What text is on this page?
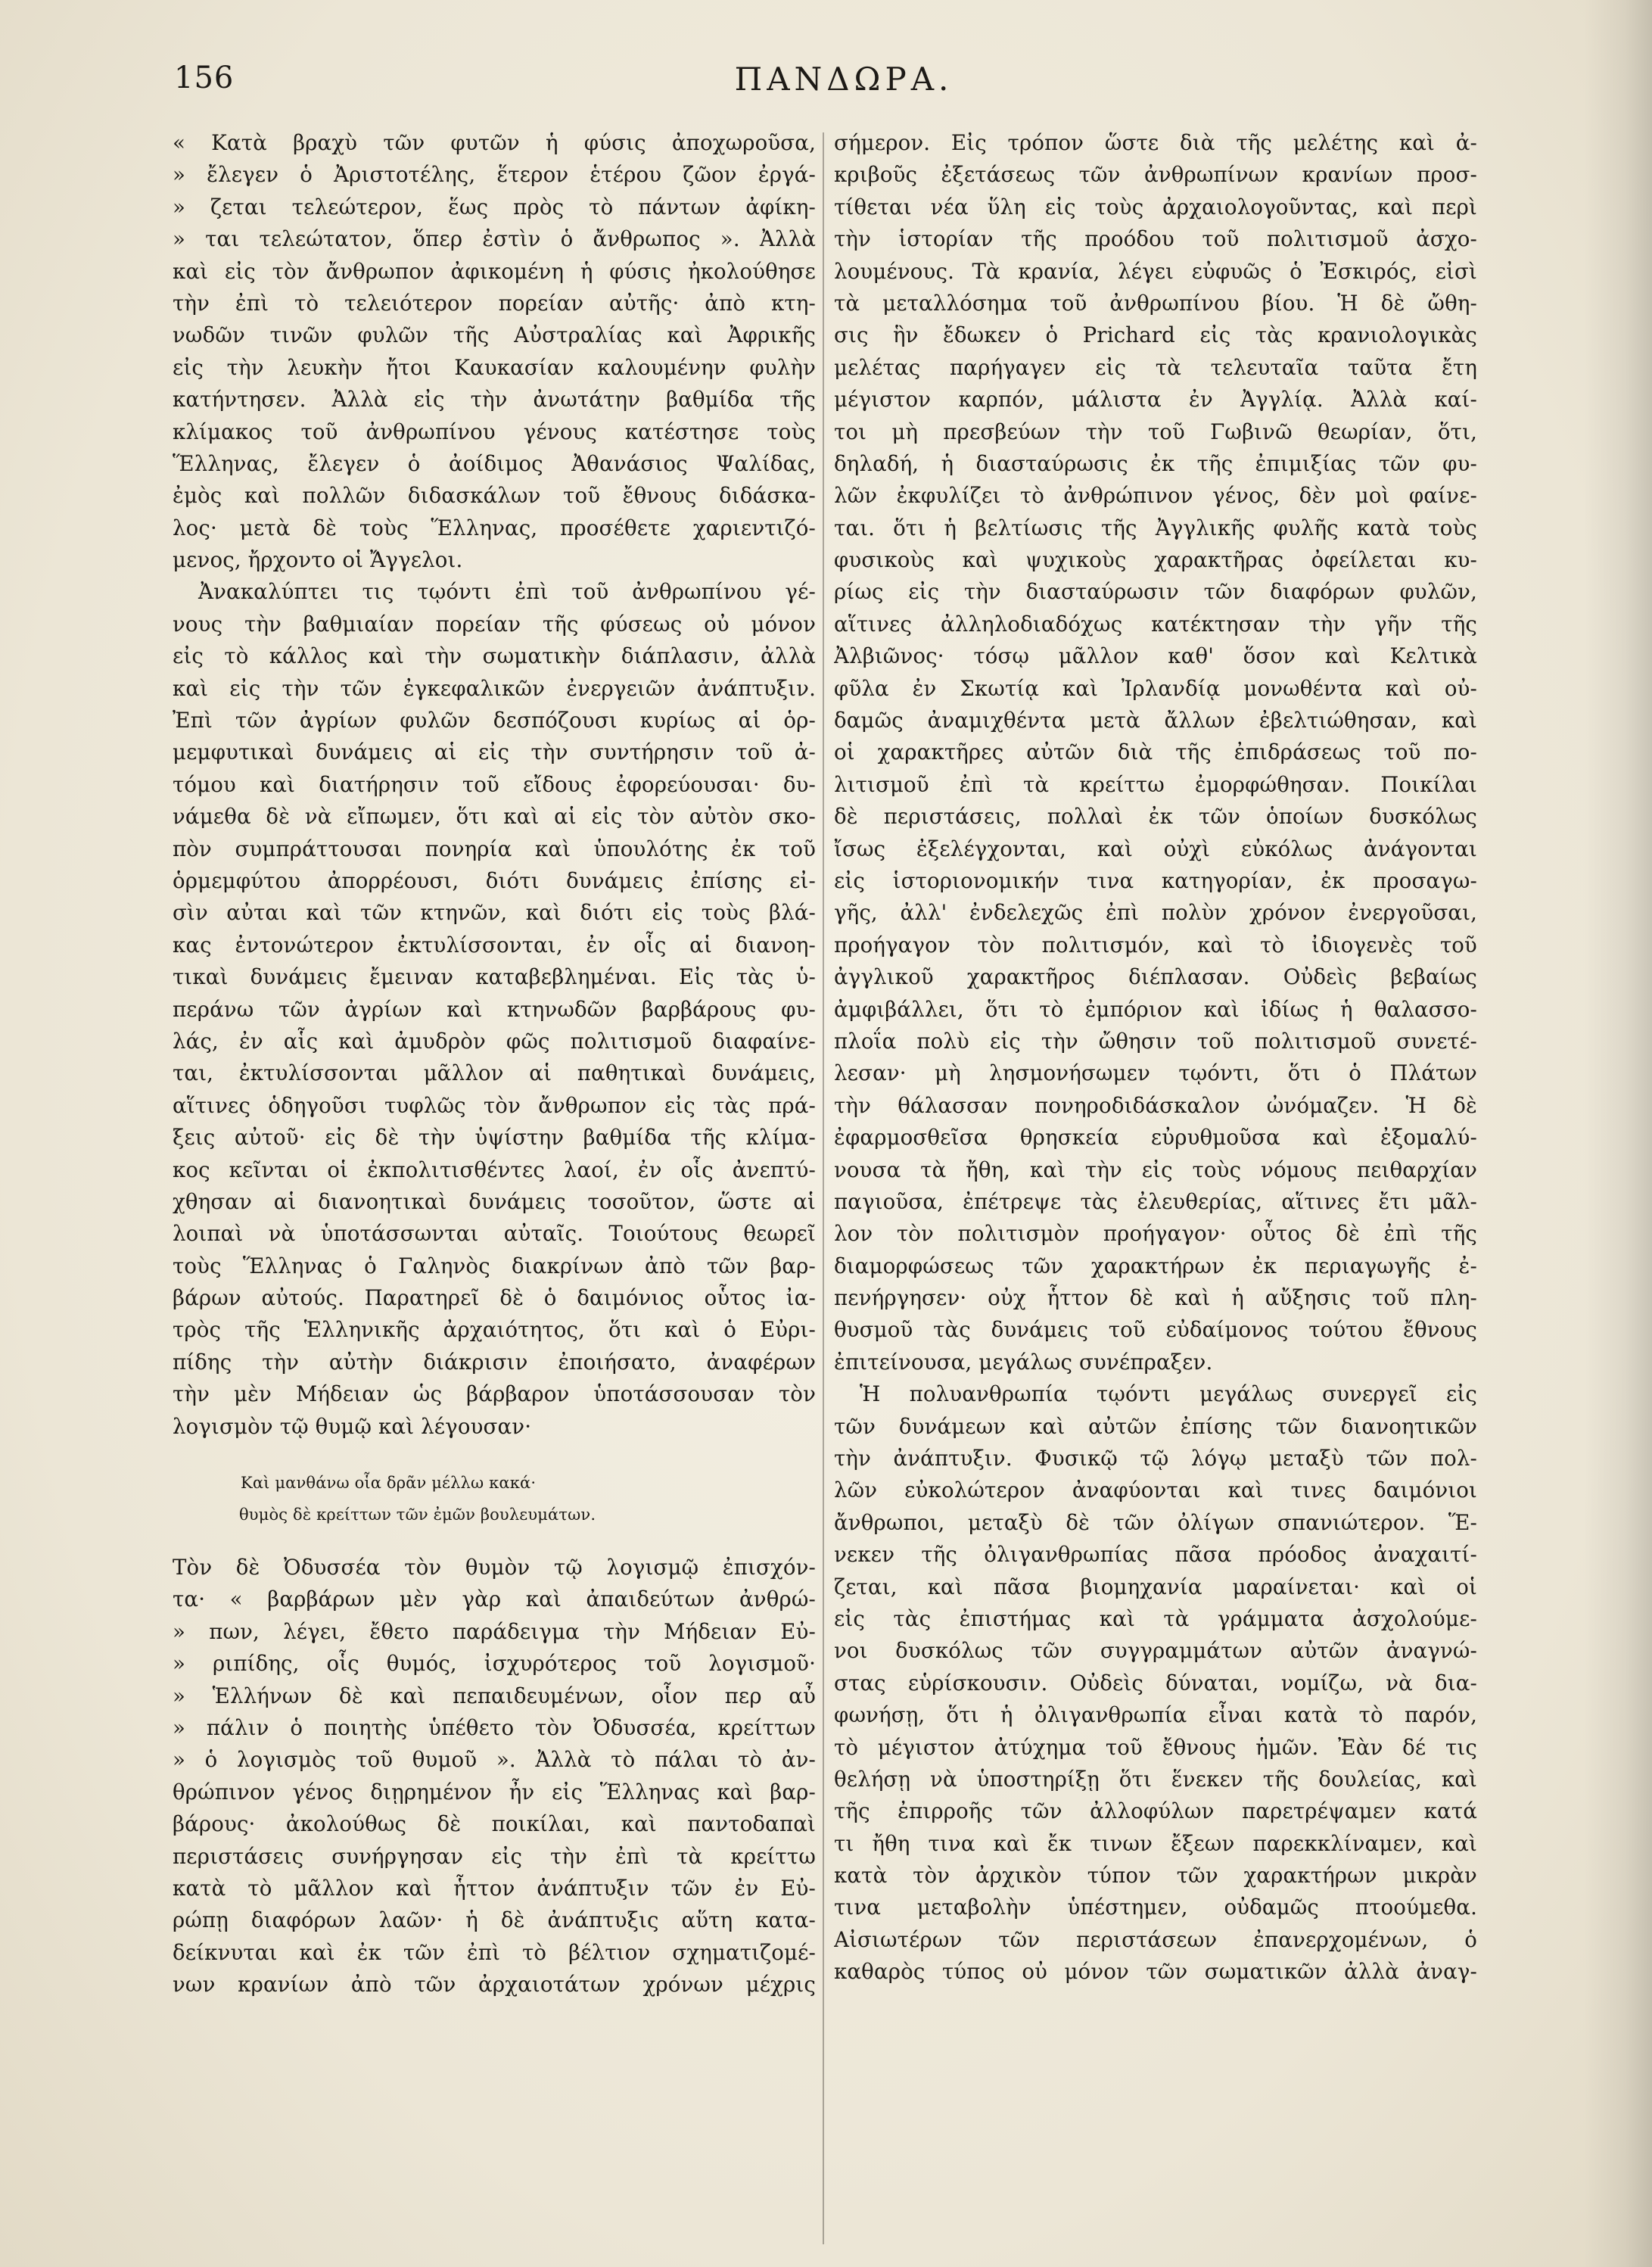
156	ΠΑΝΔΩΡΑ.
« Κατὰ βραχὺ τῶν φυτῶν ἡ φύσις ἀποχωροῦσα,
» ἔλεγεν ὁ Ἀριστοτέλης, ἕτερον ἑτέρου ζῶον ἐργά-
» ζεται τελεώτερον, ἕως πρὸς τὸ πάντων ἀφίκη-
» ται τελεώτατον, ὅπερ ἐστὶν ὁ ἄνθρωπος ». Ἀλλὰ
καὶ εἰς τὸν ἄνθρωπον ἀφικομένη ἡ φύσις ἠκολούθησε
τὴν ἐπὶ τὸ τελειότερον πορείαν αὐτῆς· ἀπὸ κτη-
νωδῶν τινῶν φυλῶν τῆς Αὐστραλίας καὶ Ἀφρικῆς
εἰς τὴν λευκὴν ἤτοι Καυκασίαν καλουμένην φυλὴν
κατήντησεν. Ἀλλὰ εἰς τὴν ἀνωτάτην βαθμίδα τῆς
κλίμακος τοῦ ἀνθρωπίνου γένους κατέστησε τοὺς
Ἕλληνας, ἔλεγεν ὁ ἀοίδιμος Ἀθανάσιος Ψαλίδας,
ἐμὸς καὶ πολλῶν διδασκάλων τοῦ ἔθνους διδάσκα-
λος· μετὰ δὲ τοὺς Ἕλληνας, προσέθετε χαριεντιζό-
μενος, ἤρχοντο οἱ Ἄγγελοι.
Ἀνακαλύπτει τις τῳόντι ἐπὶ τοῦ ἀνθρωπίνου γέ-
νους τὴν βαθμιαίαν πορείαν τῆς φύσεως οὐ μόνον
εἰς τὸ κάλλος καὶ τὴν σωματικὴν διάπλασιν, ἀλλὰ
καὶ εἰς τὴν τῶν ἐγκεφαλικῶν ἐνεργειῶν ἀνάπτυξιν.
Ἐπὶ τῶν ἀγρίων φυλῶν δεσπόζουσι κυρίως αἱ ὁρ-
μεμφυτικαὶ δυνάμεις αἱ εἰς τὴν συντήρησιν τοῦ ἀ-
τόμου καὶ διατήρησιν τοῦ εἴδους ἐφορεύουσαι· δυ-
νάμεθα δὲ νὰ εἴπωμεν, ὅτι καὶ αἱ εἰς τὸν αὐτὸν σκο-
πὸν συμπράττουσαι πονηρία καὶ ὑπουλότης ἐκ τοῦ
ὁρμεμφύτου ἀπορρέουσι, διότι δυνάμεις ἐπίσης εἰ-
σὶν αὐται καὶ τῶν κτηνῶν, καὶ διότι εἰς τοὺς βλά-
κας ἐντονώτερον ἐκτυλίσσονται, ἐν οἷς αἱ διανοη-
τικαὶ δυνάμεις ἔμειναν καταβεβλημέναι. Εἰς τὰς ὑ-
περάνω τῶν ἀγρίων καὶ κτηνωδῶν βαρβάρους φυ-
λάς, ἐν αἷς καὶ ἀμυδρὸν φῶς πολιτισμοῦ διαφαίνε-
ται, ἐκτυλίσσονται μᾶλλον αἱ παθητικαὶ δυνάμεις,
αἵτινες ὁδηγοῦσι τυφλῶς τὸν ἄνθρωπον εἰς τὰς πρά-
ξεις αὐτοῦ· εἰς δὲ τὴν ὑψίστην βαθμίδα τῆς κλίμα-
κος κεῖνται οἱ ἐκπολιτισθέντες λαοί, ἐν οἷς ἀνεπτύ-
χθησαν αἱ διανοητικαὶ δυνάμεις τοσοῦτον, ὥστε αἱ
λοιπαὶ νὰ ὑποτάσσωνται αὐταῖς. Τοιούτους θεωρεῖ
τοὺς Ἕλληνας ὁ Γαληνὸς διακρίνων ἀπὸ τῶν βαρ-
βάρων αὐτούς. Παρατηρεῖ δὲ ὁ δαιμόνιος οὗτος ἰα-
τρὸς τῆς Ἑλληνικῆς ἀρχαιότητος, ὅτι καὶ ὁ Εὐρι-
πίδης τὴν αὐτὴν διάκρισιν ἐποιήσατο, ἀναφέρων
τὴν μὲν Μήδειαν ὡς βάρβαρον ὑποτάσσουσαν τὸν
λογισμὸν τῷ θυμῷ καὶ λέγουσαν·
Καὶ μανθάνω οἷα δρᾶν μέλλω κακά·
θυμὸς δὲ κρείττων τῶν ἐμῶν βουλευμάτων.
Τὸν δὲ Ὀδυσσέα τὸν θυμὸν τῷ λογισμῷ ἐπισχόν-
τα· « βαρβάρων μὲν γὰρ καὶ ἀπαιδεύτων ἀνθρώ-
» πων, λέγει, ἔθετο παράδειγμα τὴν Μήδειαν Εὐ-
» ριπίδης, οἷς θυμός, ἰσχυρότερος τοῦ λογισμοῦ·
» Ἑλλήνων δὲ καὶ πεπαιδευμένων, οἷον περ αὖ
» πάλιν ὁ ποιητὴς ὑπέθετο τὸν Ὀδυσσέα, κρείττων
» ὁ λογισμὸς τοῦ θυμοῦ ». Ἀλλὰ τὸ πάλαι τὸ ἀν-
θρώπινον γένος διῃρημένον ἦν εἰς Ἕλληνας καὶ βαρ-
βάρους· ἀκολούθως δὲ ποικίλαι, καὶ παντοδαπαὶ
περιστάσεις συνήργησαν εἰς τὴν ἐπὶ τὰ κρείττω
κατὰ τὸ μᾶλλον καὶ ἧττον ἀνάπτυξιν τῶν ἐν Εὐ-
ρώπῃ διαφόρων λαῶν· ἡ δὲ ἀνάπτυξις αὕτη κατα-
δείκνυται καὶ ἐκ τῶν ἐπὶ τὸ βέλτιον σχηματιζομέ-
νων κρανίων ἀπὸ τῶν ἀρχαιοτάτων χρόνων μέχρις
σήμερον. Εἰς τρόπον ὥστε διὰ τῆς μελέτης καὶ ἀ-
κριβοῦς ἐξετάσεως τῶν ἀνθρωπίνων κρανίων προσ-
τίθεται νέα ὕλη εἰς τοὺς ἀρχαιολογοῦντας, καὶ περὶ
τὴν ἱστορίαν τῆς προόδου τοῦ πολιτισμοῦ ἀσχο-
λουμένους. Τὰ κρανία, λέγει εὐφυῶς ὁ Ἐσκιρός, εἰσὶ
τὰ μεταλλόσημα τοῦ ἀνθρωπίνου βίου. Ἡ δὲ ὤθη-
σις ἣν ἔδωκεν ὁ Prichard εἰς τὰς κρανιολογικὰς
μελέτας παρήγαγεν εἰς τὰ τελευταῖα ταῦτα ἔτη
μέγιστον καρπόν, μάλιστα ἐν Ἀγγλίᾳ. Ἀλλὰ καί-
τοι μὴ πρεσβεύων τὴν τοῦ Γωβινῶ θεωρίαν, ὅτι,
δηλαδή, ἡ διασταύρωσις ἐκ τῆς ἐπιμιξίας τῶν φυ-
λῶν ἐκφυλίζει τὸ ἀνθρώπινον γένος, δὲν μοὶ φαίνε-
ται. ὅτι ἡ βελτίωσις τῆς Ἀγγλικῆς φυλῆς κατὰ τοὺς
φυσικοὺς καὶ ψυχικοὺς χαρακτῆρας ὀφείλεται κυ-
ρίως εἰς τὴν διασταύρωσιν τῶν διαφόρων φυλῶν,
αἵτινες ἀλληλοδιαδόχως κατέκτησαν τὴν γῆν τῆς
Ἀλβιῶνος· τόσῳ μᾶλλον καθ' ὅσον καὶ Κελτικὰ
φῦλα ἐν Σκωτίᾳ καὶ Ἰρλανδίᾳ μονωθέντα καὶ οὐ-
δαμῶς ἀναμιχθέντα μετὰ ἄλλων ἐβελτιώθησαν, καὶ
οἱ χαρακτῆρες αὐτῶν διὰ τῆς ἐπιδράσεως τοῦ πο-
λιτισμοῦ ἐπὶ τὰ κρείττω ἐμορφώθησαν. Ποικίλαι
δὲ περιστάσεις, πολλαὶ ἐκ τῶν ὁποίων δυσκόλως
ἴσως ἐξελέγχονται, καὶ οὐχὶ εὐκόλως ἀνάγονται
εἰς ἱστοριονομικήν τινα κατηγορίαν, ἐκ προσαγω-
γῆς, ἀλλ' ἐνδελεχῶς ἐπὶ πολὺν χρόνον ἐνεργοῦσαι,
προήγαγον τὸν πολιτισμόν, καὶ τὸ ἰδιογενὲς τοῦ
ἀγγλικοῦ χαρακτῆρος διέπλασαν. Οὐδεὶς βεβαίως
ἀμφιβάλλει, ὅτι τὸ ἐμπόριον καὶ ἰδίως ἡ θαλασσο-
πλοΐα πολὺ εἰς τὴν ὤθησιν τοῦ πολιτισμοῦ συνετέ-
λεσαν· μὴ λησμονήσωμεν τῳόντι, ὅτι ὁ Πλάτων
τὴν θάλασσαν πονηροδιδάσκαλον ὠνόμαζεν. Ἡ δὲ
ἐφαρμοσθεῖσα θρησκεία εὐρυθμοῦσα καὶ ἐξομαλύ-
νουσα τὰ ἤθη, καὶ τὴν εἰς τοὺς νόμους πειθαρχίαν
παγιοῦσα, ἐπέτρεψε τὰς ἐλευθερίας, αἵτινες ἔτι μᾶλ-
λον τὸν πολιτισμὸν προήγαγον· οὗτος δὲ ἐπὶ τῆς
διαμορφώσεως τῶν χαρακτήρων ἐκ περιαγωγῆς ἐ-
πενήργησεν· οὐχ ἧττον δὲ καὶ ἡ αὔξησις τοῦ πλη-
θυσμοῦ τὰς δυνάμεις τοῦ εὐδαίμονος τούτου ἔθνους
ἐπιτείνουσα, μεγάλως συνέπραξεν.
Ἡ πολυανθρωπία τῳόντι μεγάλως συνεργεῖ εἰς
τῶν δυνάμεων καὶ αὐτῶν ἐπίσης τῶν διανοητικῶν
τὴν ἀνάπτυξιν. Φυσικῷ τῷ λόγῳ μεταξὺ τῶν πολ-
λῶν εὐκολώτερον ἀναφύονται καὶ τινες δαιμόνιοι
ἄνθρωποι, μεταξὺ δὲ τῶν ὀλίγων σπανιώτερον. Ἕ-
νεκεν τῆς ὀλιγανθρωπίας πᾶσα πρόοδος ἀναχαιτί-
ζεται, καὶ πᾶσα βιομηχανία μαραίνεται· καὶ οἱ
εἰς τὰς ἐπιστήμας καὶ τὰ γράμματα ἀσχολούμε-
νοι δυσκόλως τῶν συγγραμμάτων αὐτῶν ἀναγνώ-
στας εὑρίσκουσιν. Οὐδεὶς δύναται, νομίζω, νὰ δια-
φωνήσῃ, ὅτι ἡ ὀλιγανθρωπία εἶναι κατὰ τὸ παρόν,
τὸ μέγιστον ἀτύχημα τοῦ ἔθνους ἡμῶν. Ἐὰν δέ τις
θελήσῃ νὰ ὑποστηρίξῃ ὅτι ἕνεκεν τῆς δουλείας, καὶ
τῆς ἐπιρροῆς τῶν ἀλλοφύλων παρετρέψαμεν κατά
τι ἤθη τινα καὶ ἔκ τινων ἔξεων παρεκκλίναμεν, καὶ
κατὰ τὸν ἀρχικὸν τύπον τῶν χαρακτήρων μικρὰν
τινα μεταβολὴν ὑπέστημεν, οὐδαμῶς πτοούμεθα.
Αἰσιωτέρων τῶν περιστάσεων ἐπανερχομένων, ὁ
καθαρὸς τύπος οὐ μόνον τῶν σωματικῶν ἀλλὰ ἀναγ-
